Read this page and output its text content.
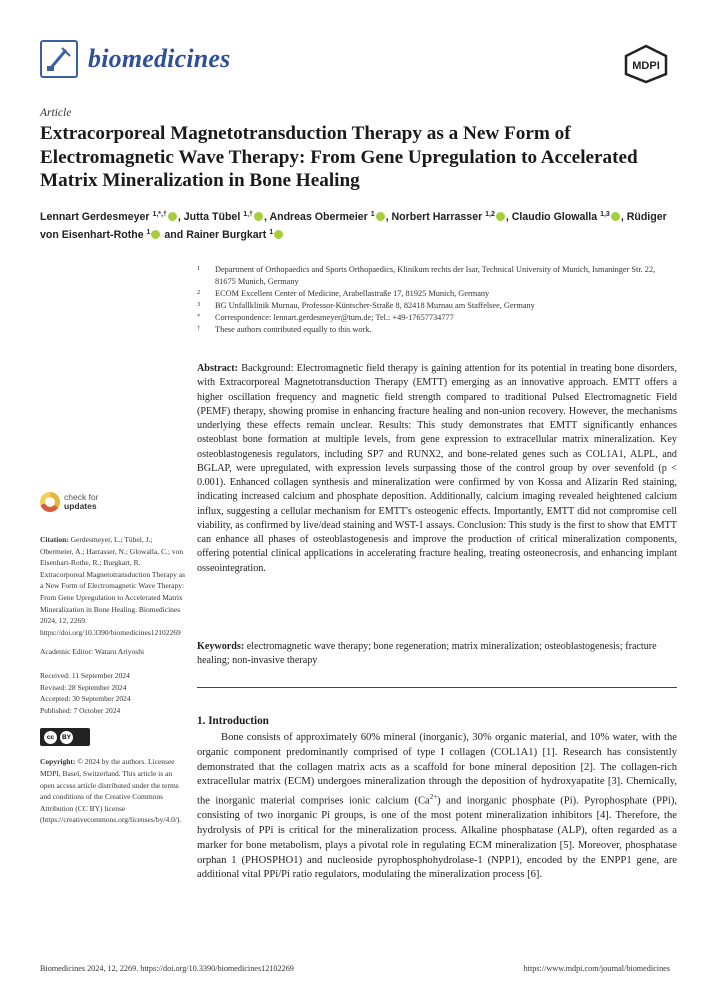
biomedicines	MDPI
Article
Extracorporeal Magnetotransduction Therapy as a New Form of Electromagnetic Wave Therapy: From Gene Upregulation to Accelerated Matrix Mineralization in Bone Healing
Lennart Gerdesmeyer $^{1,*,\dagger}$ , Jutta Tübel $^{1,\dagger}$ , Andreas Obermeier $^1$ , Norbert Harrasser $^{1,2}$ , Claudio Glowalla $^{1,3}$ , Rüdiger von Eisenhart-Rothe $^1$ and Rainer Burgkart $^1$
1 Department of Orthopaedics and Sports Orthopaedics, Klinikum rechts der Isar, Technical University of Munich, Ismaninger Str. 22, 81675 Munich, Germany
2 ECOM Excellent Center of Medicine, Arabellastraße 17, 81925 Munich, Germany
3 BG Unfallklinik Murnau, Professor-Küntscher-Straße 8, 82418 Murnau am Staffelsee, Germany
* Correspondence: lennart.gerdesmeyer@tum.de; Tel.: +49-17657734777
† These authors contributed equally to this work.
Abstract: Background: Electromagnetic field therapy is gaining attention for its potential in treating bone disorders, with Extracorporeal Magnetotransduction Therapy (EMTT) emerging as an innovative approach. EMTT offers a higher oscillation frequency and magnetic field strength compared to traditional Pulsed Electromagnetic Field (PEMF) therapy, showing promise in enhancing fracture healing and non-union recovery. However, the mechanisms underlying these effects remain unclear. Results: This study demonstrates that EMTT significantly enhances osteoblast bone formation at multiple levels, from gene expression to extracellular matrix mineralization. Key osteoblastogenesis regulators, including SP7 and RUNX2, and bone-related genes such as COL1A1, ALPL, and BGLAP, were upregulated, with expression levels surpassing those of the control group by over sevenfold (p < 0.001). Enhanced collagen synthesis and mineralization were confirmed by von Kossa and Alizarin Red staining, indicating increased calcium and phosphate deposition. Additionally, calcium imaging revealed heightened calcium influx, suggesting a cellular mechanism for EMTT's osteogenic effects. Importantly, EMTT did not compromise cell viability, as confirmed by live/dead staining and WST-1 assays. Conclusion: This study is the first to show that EMTT can enhance all phases of osteoblastogenesis and improve the production of critical mineralization components, offering potential clinical applications in accelerating fracture healing, treating osteonecrosis, and enhancing implant osseointegration.
Keywords: electromagnetic wave therapy; bone regeneration; matrix mineralization; osteoblastogenesis; fracture healing; non-invasive therapy
check for
updates
Citation: Gerdesmeyer, L.; Tübel, J.; Obermeier, A.; Harrasser, N.; Glowalla, C.; von Eisenhart-Rothe, R.; Burgkart, R. Extracorporeal Magnetotransduction Therapy as a New Form of Electromagnetic Wave Therapy: From Gene Upregulation to Accelerated Matrix Mineralization in Bone Healing. Biomedicines 2024, 12, 2269. https://doi.org/10.3390/biomedicines12102269
Academic Editor: Wataru Ariyoshi
Received: 11 September 2024
Revised: 28 September 2024
Accepted: 30 September 2024
Published: 7 October 2024
cc	BY
Copyright: © 2024 by the authors. Licensee MDPI, Basel, Switzerland. This article is an open access article distributed under the terms and conditions of the Creative Commons Attribution (CC BY) license (https://creativecommons.org/licenses/by/4.0/).
1. Introduction
Bone consists of approximately 60% mineral (inorganic), 30% organic material, and 10% water, with the organic component predominantly comprised of type I collagen (COL1A1) [1]. Research has consistently demonstrated that the collagen matrix acts as a scaffold for bone mineral deposition [2]. The collagen-rich extracellular matrix (ECM) undergoes mineralization through the deposition of hydroxyapatite [3]. Chemically, the inorganic material comprises ionic calcium $(Ca^{2+})$ and inorganic phosphate (Pi). Pyrophosphate (PPi), consisting of two inorganic Pi groups, is one of the most potent mineralization inhibitors [4]. Therefore, the hydrolysis of PPi is critical for the mineralization process. Alkaline phosphatase (ALP), often regarded as a marker for bone metabolism, plays a pivotal role in regulating ECM mineralization [5]. Moreover, phosphatase orphan 1 (PHOSPHO1) and nucleoside pyrophosphohydrolase-1 (NPP1), encoded by the ENPP1 gene, are additional vital PPi/Pi ratio regulators, modulating the mineralization process [6].
Biomedicines 2024, 12, 2269. https://doi.org/10.3390/biomedicines12102269	https://www.mdpi.com/journal/biomedicines
